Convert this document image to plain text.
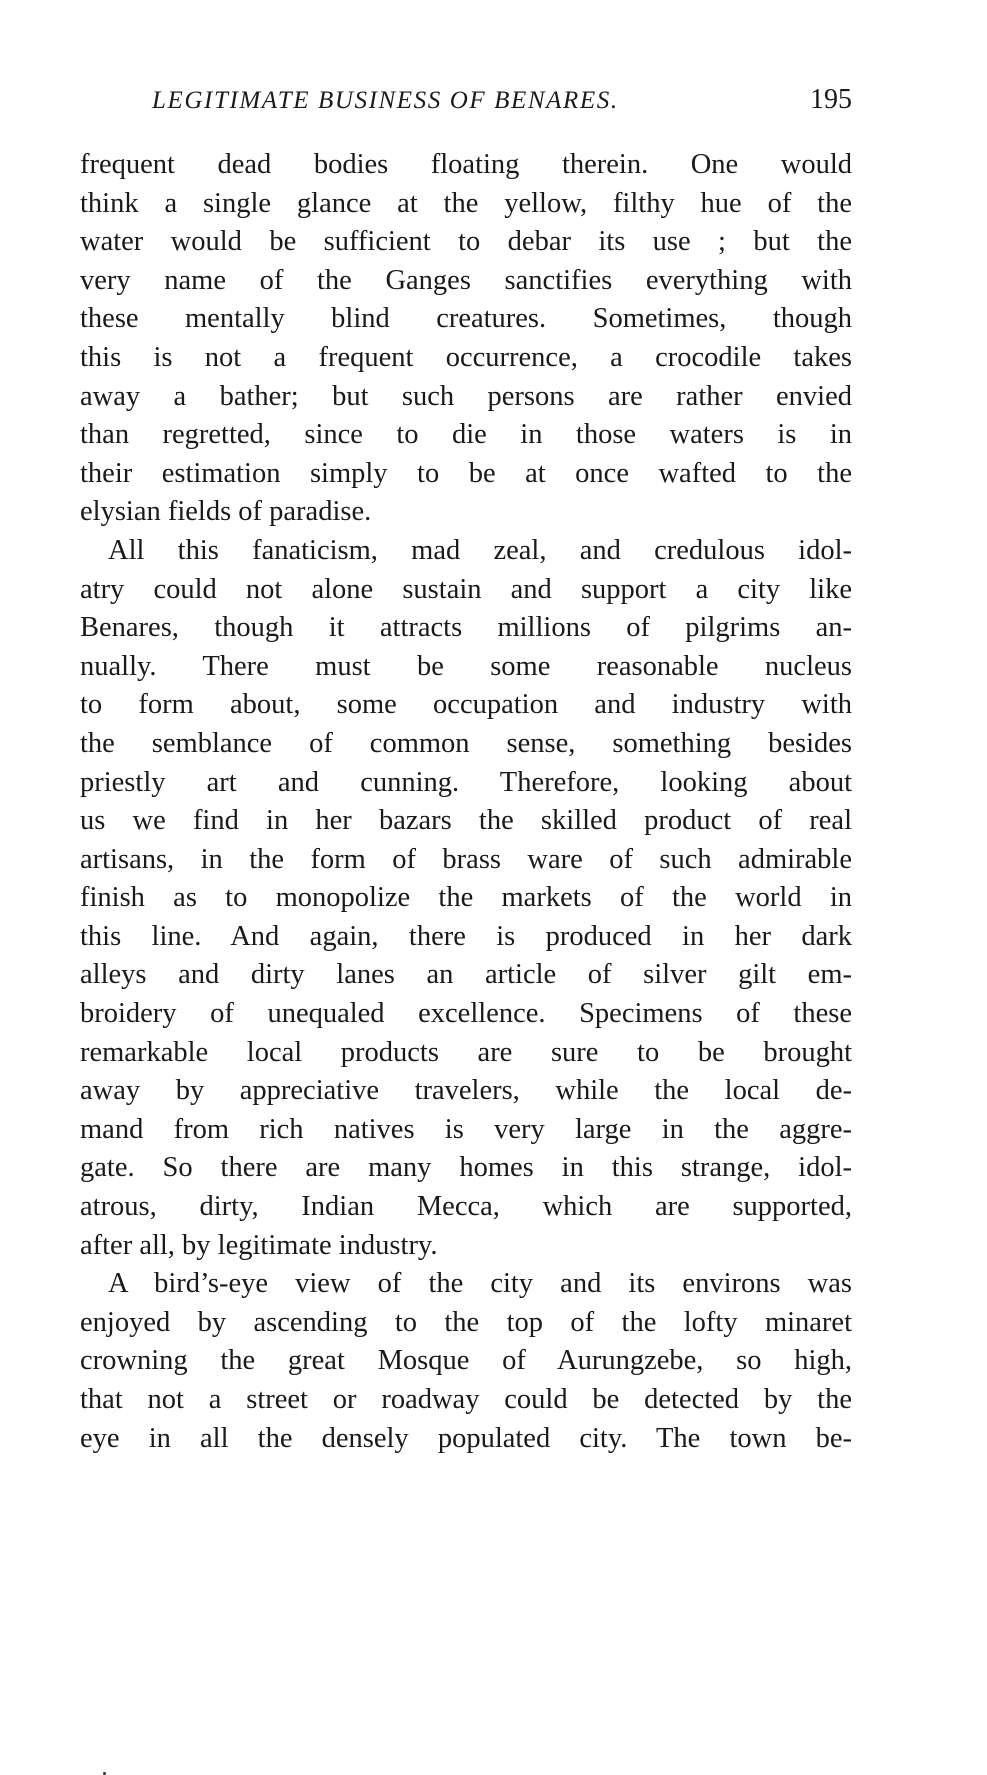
LEGITIMATE BUSINESS OF BENARES.	195
frequent dead bodies floating therein. One would
think a single glance at the yellow, filthy hue of the
water would be sufficient to debar its use ; but the
very name of the Ganges sanctifies everything with
these mentally blind creatures. Sometimes, though
this is not a frequent occurrence, a crocodile takes
away a bather; but such persons are rather envied
than regretted, since to die in those waters is in
their estimation simply to be at once wafted to the
elysian fields of paradise.
All this fanaticism, mad zeal, and credulous idol-
atry could not alone sustain and support a city like
Benares, though it attracts millions of pilgrims an-
nually. There must be some reasonable nucleus
to form about, some occupation and industry with
the semblance of common sense, something besides
priestly art and cunning. Therefore, looking about
us we find in her bazars the skilled product of real
artisans, in the form of brass ware of such admirable
finish as to monopolize the markets of the world in
this line. And again, there is produced in her dark
alleys and dirty lanes an article of silver gilt em-
broidery of unequaled excellence. Specimens of these
remarkable local products are sure to be brought
away by appreciative travelers, while the local de-
mand from rich natives is very large in the aggre-
gate. So there are many homes in this strange, idol-
atrous, dirty, Indian Mecca, which are supported,
after all, by legitimate industry.
A bird’s-eye view of the city and its environs was
enjoyed by ascending to the top of the lofty minaret
crowning the great Mosque of Aurungzebe, so high,
that not a street or roadway could be detected by the
eye in all the densely populated city. The town be-
